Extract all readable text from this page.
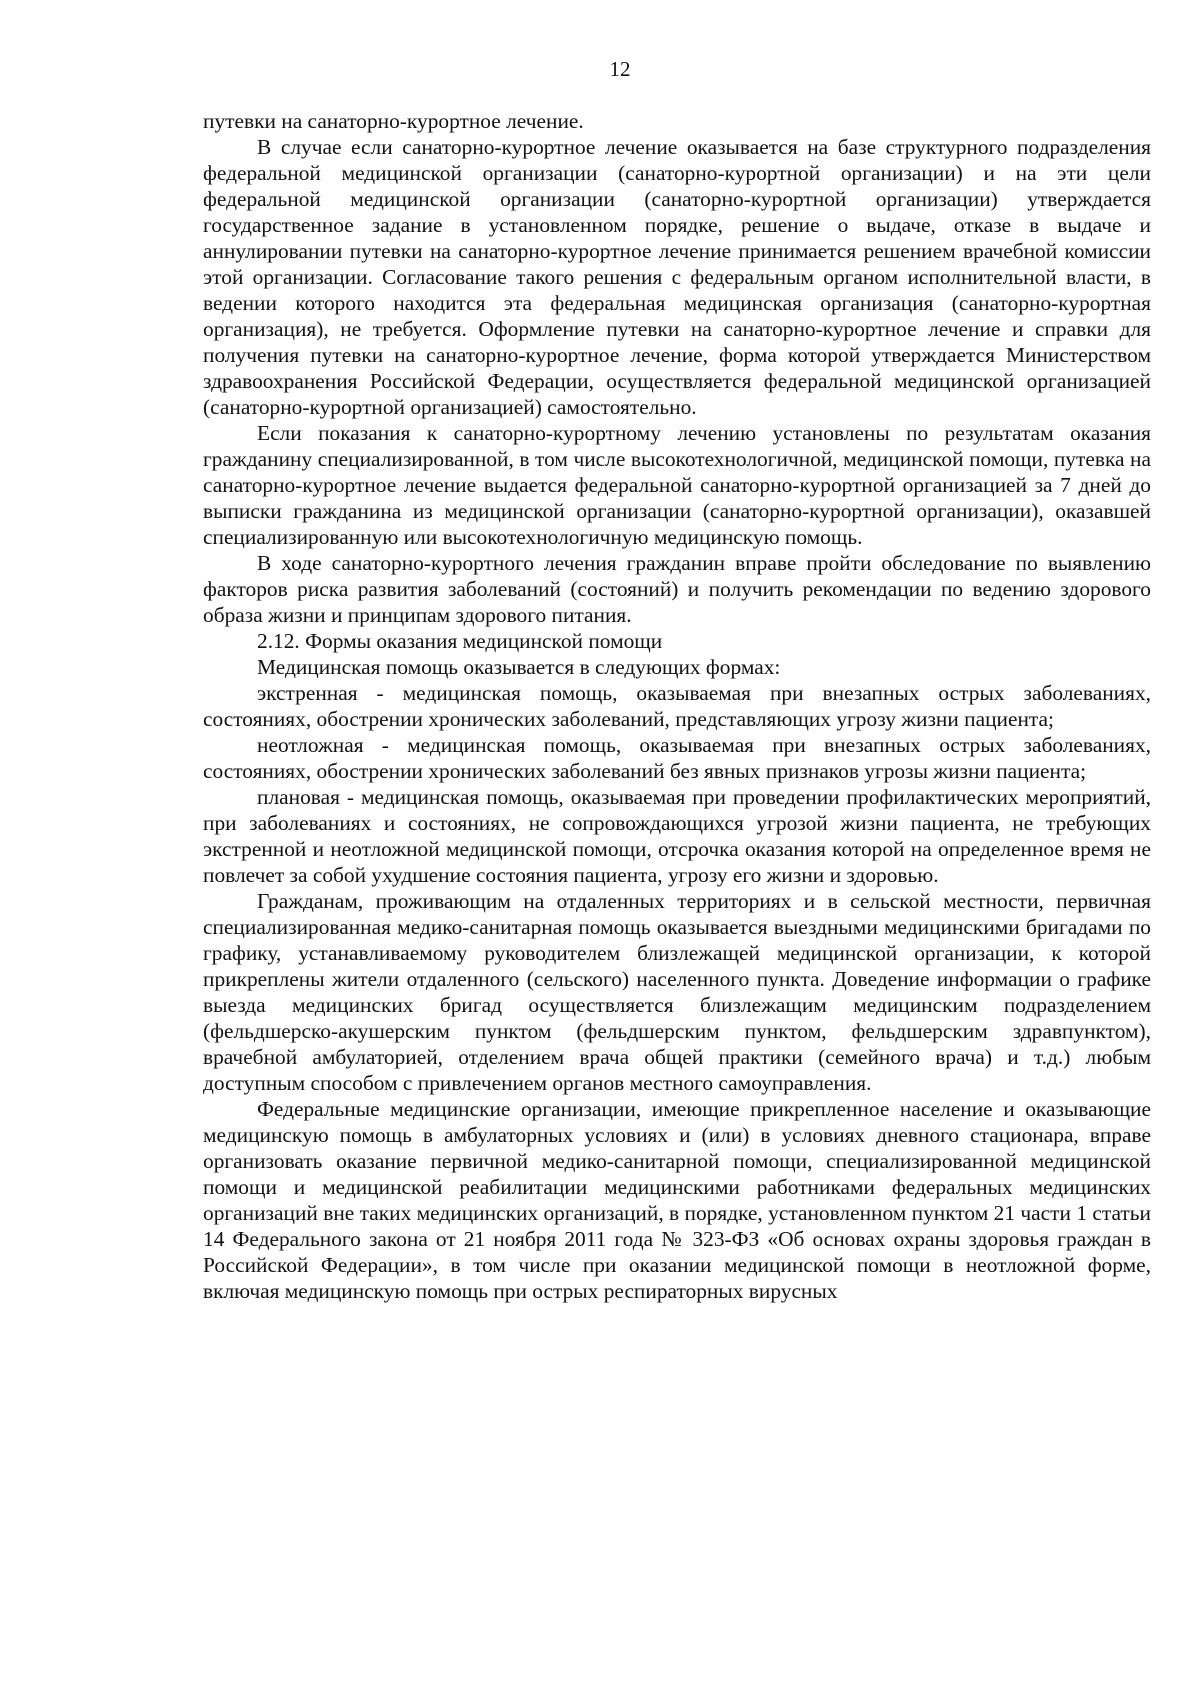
12

путевки на санаторно-курортное лечение.

В случае если санаторно-курортное лечение оказывается на базе структурного подразделения федеральной медицинской организации (санаторно-курортной организации) и на эти цели федеральной медицинской организации (санаторно-курортной организации) утверждается государственное задание в установленном порядке, решение о выдаче, отказе в выдаче и аннулировании путевки на санаторно-курортное лечение принимается решением врачебной комиссии этой организации. Согласование такого решения с федеральным органом исполнительной власти, в ведении которого находится эта федеральная медицинская организация (санаторно-курортная организация), не требуется. Оформление путевки на санаторно-курортное лечение и справки для получения путевки на санаторно-курортное лечение, форма которой утверждается Министерством здравоохранения Российской Федерации, осуществляется федеральной медицинской организацией (санаторно-курортной организацией) самостоятельно.

Если показания к санаторно-курортному лечению установлены по результатам оказания гражданину специализированной, в том числе высокотехнологичной, медицинской помощи, путевка на санаторно-курортное лечение выдается федеральной санаторно-курортной организацией за 7 дней до выписки гражданина из медицинской организации (санаторно-курортной организации), оказавшей специализированную или высокотехнологичную медицинскую помощь.

В ходе санаторно-курортного лечения гражданин вправе пройти обследование по выявлению факторов риска развития заболеваний (состояний) и получить рекомендации по ведению здорового образа жизни и принципам здорового питания.

2.12. Формы оказания медицинской помощи

Медицинская помощь оказывается в следующих формах:

экстренная - медицинская помощь, оказываемая при внезапных острых заболеваниях, состояниях, обострении хронических заболеваний, представляющих угрозу жизни пациента;

неотложная - медицинская помощь, оказываемая при внезапных острых заболеваниях, состояниях, обострении хронических заболеваний без явных признаков угрозы жизни пациента;

плановая - медицинская помощь, оказываемая при проведении профилактических мероприятий, при заболеваниях и состояниях, не сопровождающихся угрозой жизни пациента, не требующих экстренной и неотложной медицинской помощи, отсрочка оказания которой на определенное время не повлечет за собой ухудшение состояния пациента, угрозу его жизни и здоровью.

Гражданам, проживающим на отдаленных территориях и в сельской местности, первичная специализированная медико-санитарная помощь оказывается выездными медицинскими бригадами по графику, устанавливаемому руководителем близлежащей медицинской организации, к которой прикреплены жители отдаленного (сельского) населенного пункта. Доведение информации о графике выезда медицинских бригад осуществляется близлежащим медицинским подразделением (фельдшерско-акушерским пунктом (фельдшерским пунктом, фельдшерским здравпунктом), врачебной амбулаторией, отделением врача общей практики (семейного врача) и т.д.) любым доступным способом с привлечением органов местного самоуправления.

Федеральные медицинские организации, имеющие прикрепленное население и оказывающие медицинскую помощь в амбулаторных условиях и (или) в условиях дневного стационара, вправе организовать оказание первичной медико-санитарной помощи, специализированной медицинской помощи и медицинской реабилитации медицинскими работниками федеральных медицинских организаций вне таких медицинских организаций, в порядке, установленном пунктом 21 части 1 статьи 14 Федерального закона от 21 ноября 2011 года № 323-ФЗ «Об основах охраны здоровья граждан в Российской Федерации», в том числе при оказании медицинской помощи в неотложной форме, включая медицинскую помощь при острых респираторных вирусных
